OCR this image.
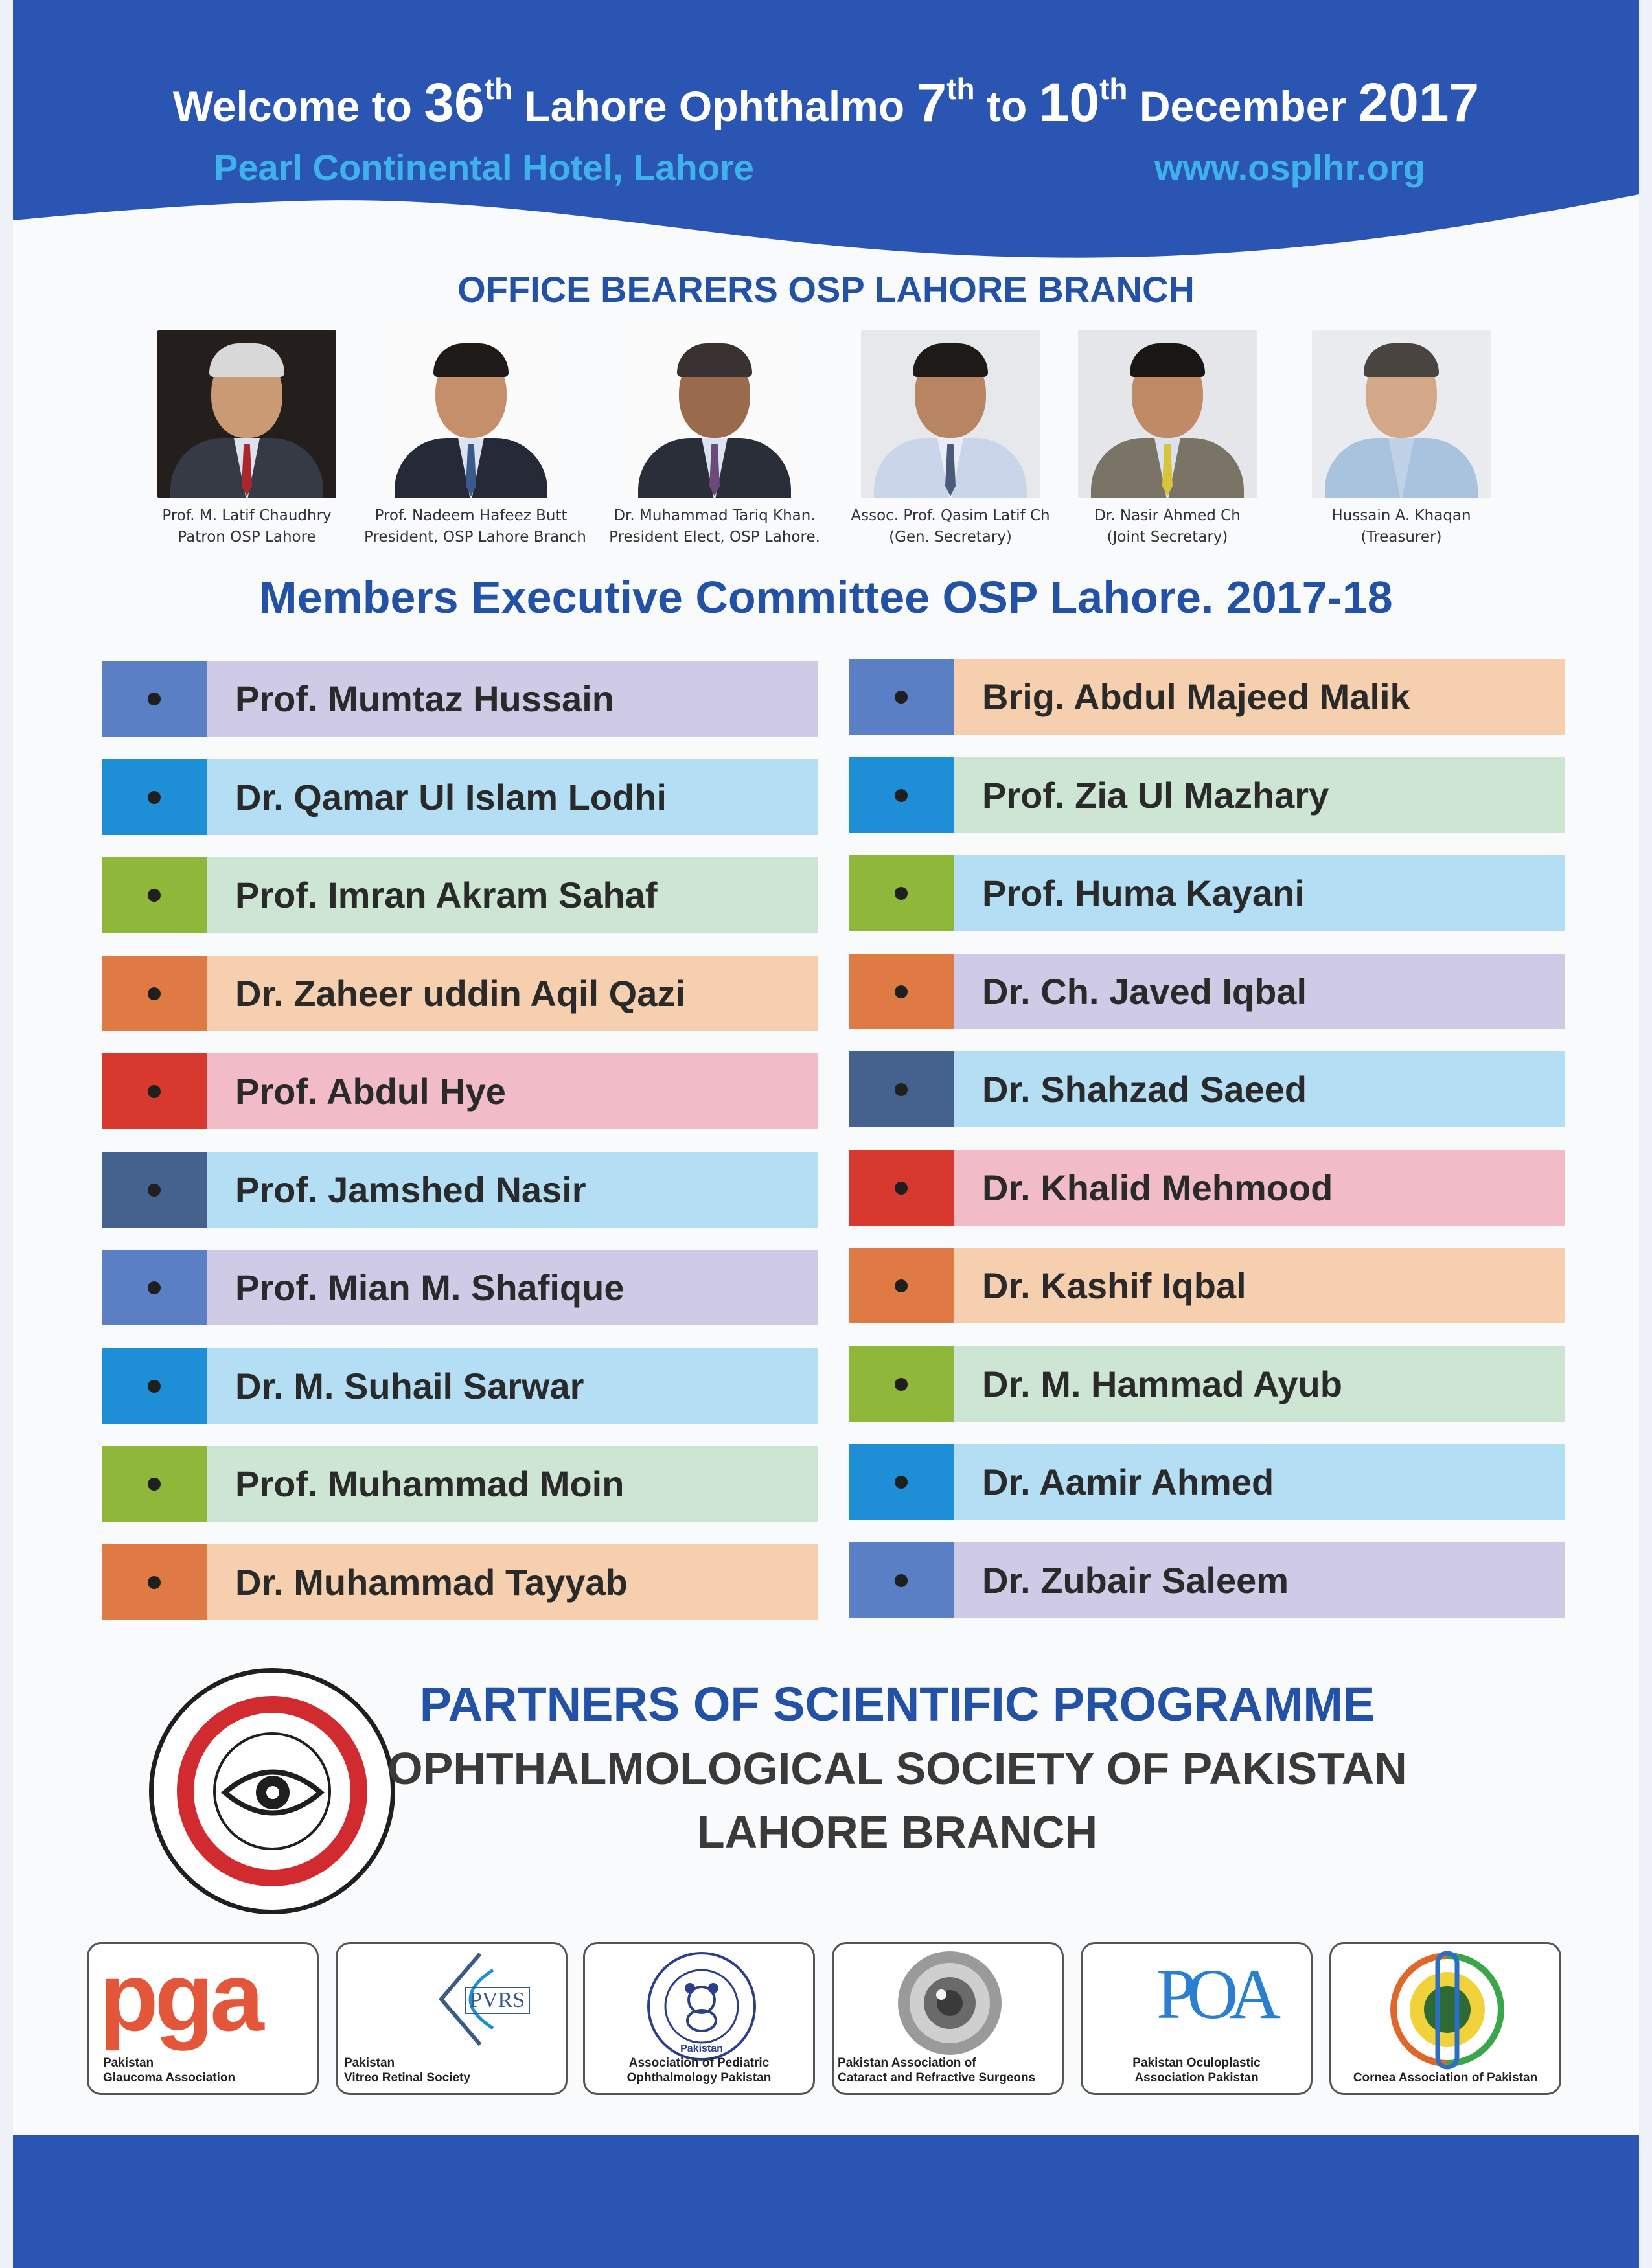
Welcome to 36th Lahore Ophthalmo 7th to 10th December 2017
Pearl Continental Hotel, Lahore	www.osplhr.org
OFFICE BEARERS OSP LAHORE BRANCH
Prof. M. Latif Chaudhry
Patron OSP Lahore
Prof. Nadeem Hafeez Butt
President, OSP Lahore Branch
Dr. Muhammad Tariq Khan.
President Elect, OSP Lahore.
Assoc. Prof. Qasim Latif Ch
(Gen. Secretary)
Dr. Nasir Ahmed Ch
(Joint Secretary)
Hussain A. Khaqan
(Treasurer)
Members Executive Committee OSP Lahore. 2017-18
Prof. Mumtaz Hussain
Dr. Qamar Ul Islam Lodhi
Prof. Imran Akram Sahaf
Dr. Zaheer uddin Aqil Qazi
Prof. Abdul Hye
Prof. Jamshed Nasir
Prof. Mian M. Shafique
Dr. M. Suhail Sarwar
Prof. Muhammad Moin
Dr. Muhammad Tayyab
Brig. Abdul Majeed Malik
Prof. Zia Ul Mazhary
Prof. Huma Kayani
Dr. Ch. Javed Iqbal
Dr. Shahzad Saeed
Dr. Khalid Mehmood
Dr. Kashif Iqbal
Dr. M. Hammad Ayub
Dr. Aamir Ahmed
Dr. Zubair Saleem
PARTNERS OF SCIENTIFIC PROGRAMME
OPHTHALMOLOGICAL SOCIETY OF PAKISTAN
LAHORE BRANCH
pga
Pakistan
Glaucoma Association
PVRS
Pakistan
Vitreo Retinal Society
Pakistan
Association of Pediatric
Ophthalmology Pakistan
Pakistan Association of
Cataract and Refractive Surgeons
POA
Pakistan Oculoplastic
Association Pakistan	Cornea Association of Pakistan
